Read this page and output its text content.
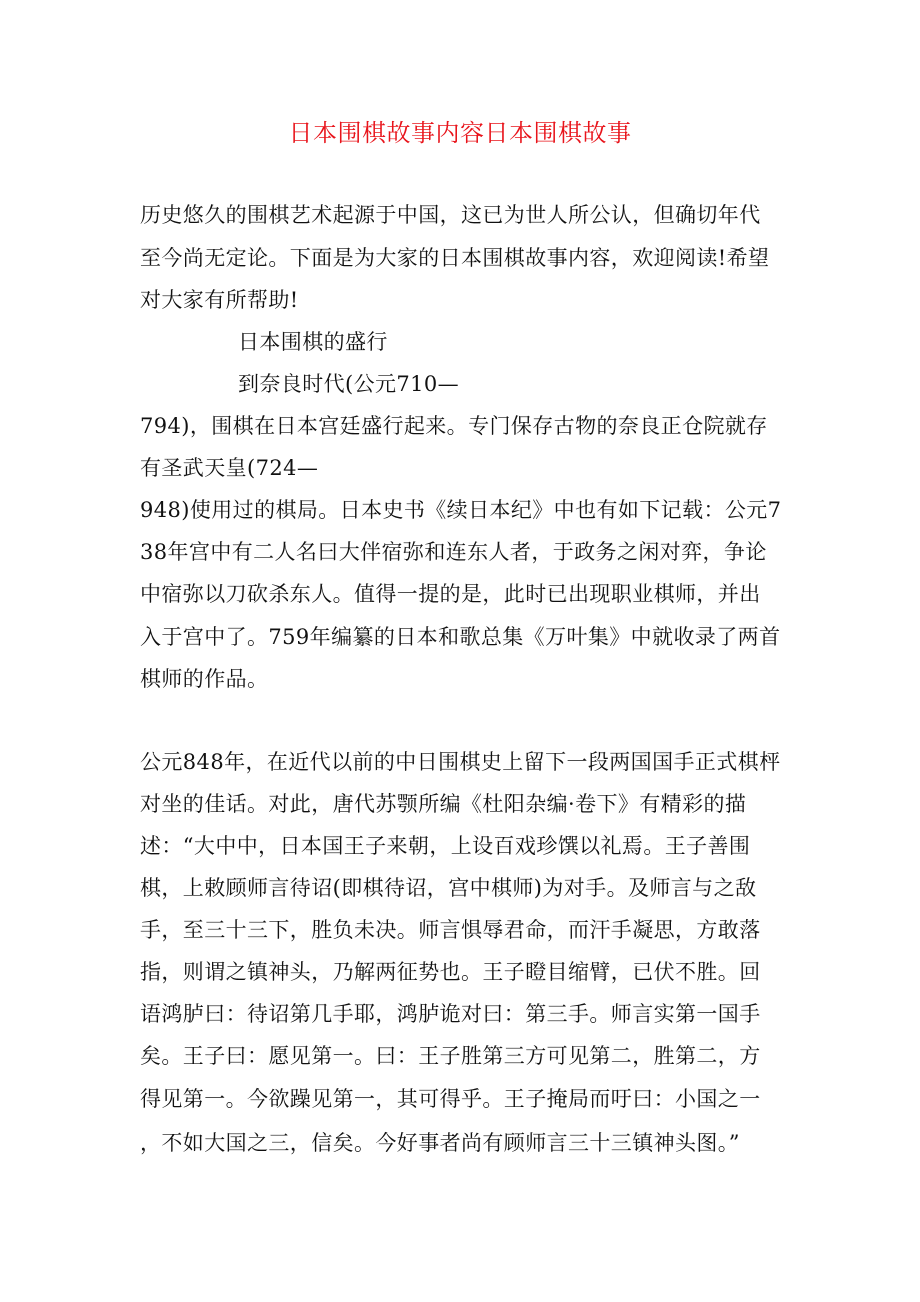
日本围棋故事内容日本围棋故事
历史悠久的围棋艺术起源于中国，这已为世人所公认，但确切年代
至今尚无定论。下面是为大家的日本围棋故事内容，欢迎阅读!希望
对大家有所帮助!
日本围棋的盛行
到奈良时代(公元710—
794)，围棋在日本宫廷盛行起来。专门保存古物的奈良正仓院就存
有圣武天皇(724—
948)使用过的棋局。日本史书《续日本纪》中也有如下记载：公元7
38年宫中有二人名曰大伴宿弥和连东人者，于政务之闲对弈，争论
中宿弥以刀砍杀东人。值得一提的是，此时已出现职业棋师，并出
入于宫中了。759年编纂的日本和歌总集《万叶集》中就收录了两首
棋师的作品。
公元848年，在近代以前的中日围棋史上留下一段两国国手正式棋枰
对坐的佳话。对此，唐代苏颚所编《杜阳杂编·卷下》有精彩的描
述：“大中中，日本国王子来朝，上设百戏珍馔以礼焉。王子善围
棋，上敕顾师言待诏(即棋待诏，宫中棋师)为对手。及师言与之敌
手，至三十三下，胜负未决。师言惧辱君命，而汗手凝思，方敢落
指，则谓之镇神头，乃解两征势也。王子瞪目缩臂，已伏不胜。回
语鸿胪曰：待诏第几手耶，鸿胪诡对曰：第三手。师言实第一国手
矣。王子曰：愿见第一。曰：王子胜第三方可见第二，胜第二，方
得见第一。今欲躁见第一，其可得乎。王子掩局而吁曰：小国之一
，不如大国之三，信矣。今好事者尚有顾师言三十三镇神头图。”
